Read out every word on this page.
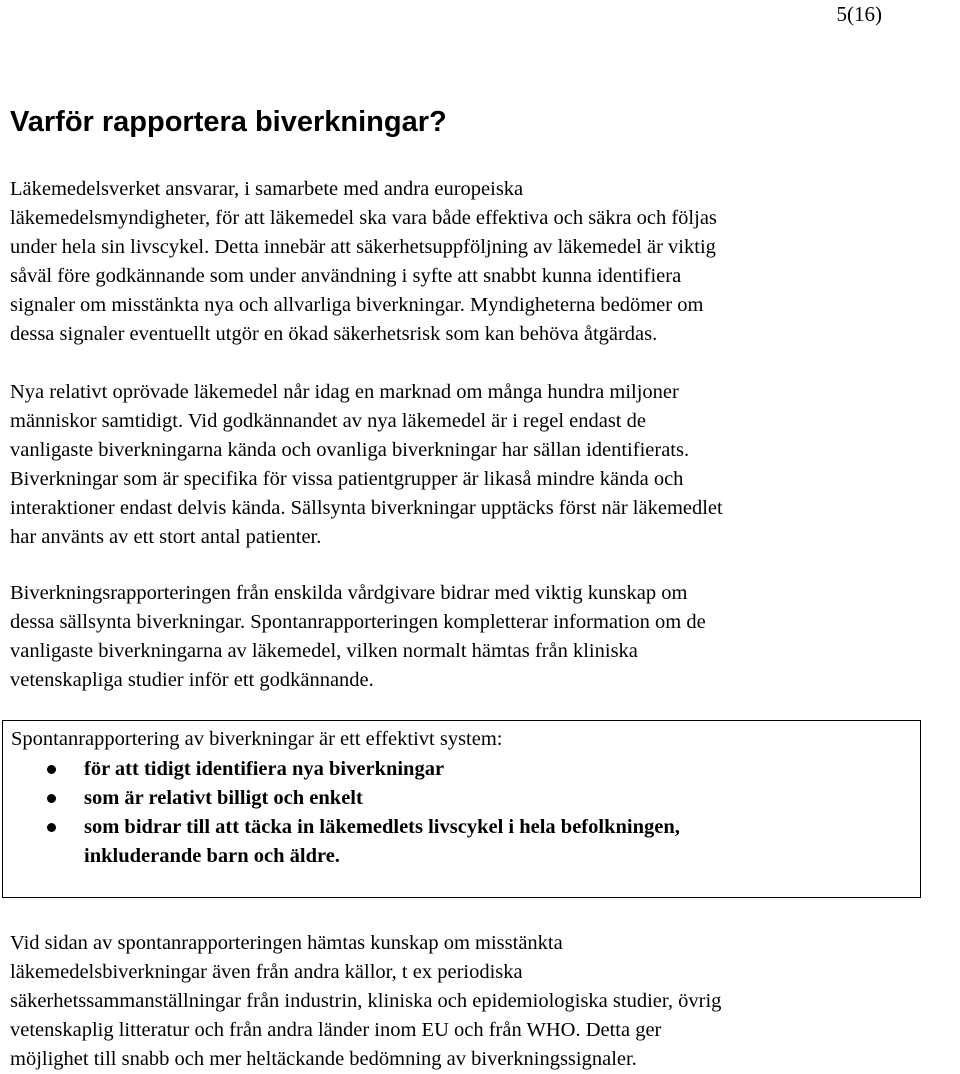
5(16)
Varför rapportera biverkningar?

Läkemedelsverket ansvarar, i samarbete med andra europeiska
läkemedelsmyndigheter, för att läkemedel ska vara både effektiva och säkra och följas
under hela sin livscykel. Detta innebär att säkerhetsuppföljning av läkemedel är viktig
såväl före godkännande som under användning i syfte att snabbt kunna identifiera
signaler om misstänkta nya och allvarliga biverkningar. Myndigheterna bedömer om
dessa signaler eventuellt utgör en ökad säkerhetsrisk som kan behöva åtgärdas.

Nya relativt oprövade läkemedel når idag en marknad om många hundra miljoner
människor samtidigt. Vid godkännandet av nya läkemedel är i regel endast de
vanligaste biverkningarna kända och ovanliga biverkningar har sällan identifierats.
Biverkningar som är specifika för vissa patientgrupper är likaså mindre kända och
interaktioner endast delvis kända. Sällsynta biverkningar upptäcks först när läkemedlet
har använts av ett stort antal patienter.

Biverkningsrapporteringen från enskilda vårdgivare bidrar med viktig kunskap om
dessa sällsynta biverkningar. Spontanrapporteringen kompletterar information om de
vanligaste biverkningarna av läkemedel, vilken normalt hämtas från kliniska
vetenskapliga studier inför ett godkännande.

Spontanrapportering av biverkningar är ett effektivt system:

för att tidigt identifiera nya biverkningar
som är relativt billigt och enkelt
som bidrar till att täcka in läkemedlets livscykel i hela befolkningen,
inkluderande barn och äldre.

Vid sidan av spontanrapporteringen hämtas kunskap om misstänkta
läkemedelsbiverkningar även från andra källor, t ex periodiska
säkerhetssammanställningar från industrin, kliniska och epidemiologiska studier, övrig
vetenskaplig litteratur och från andra länder inom EU och från WHO. Detta ger
möjlighet till snabb och mer heltäckande bedömning av biverkningssignaler.
